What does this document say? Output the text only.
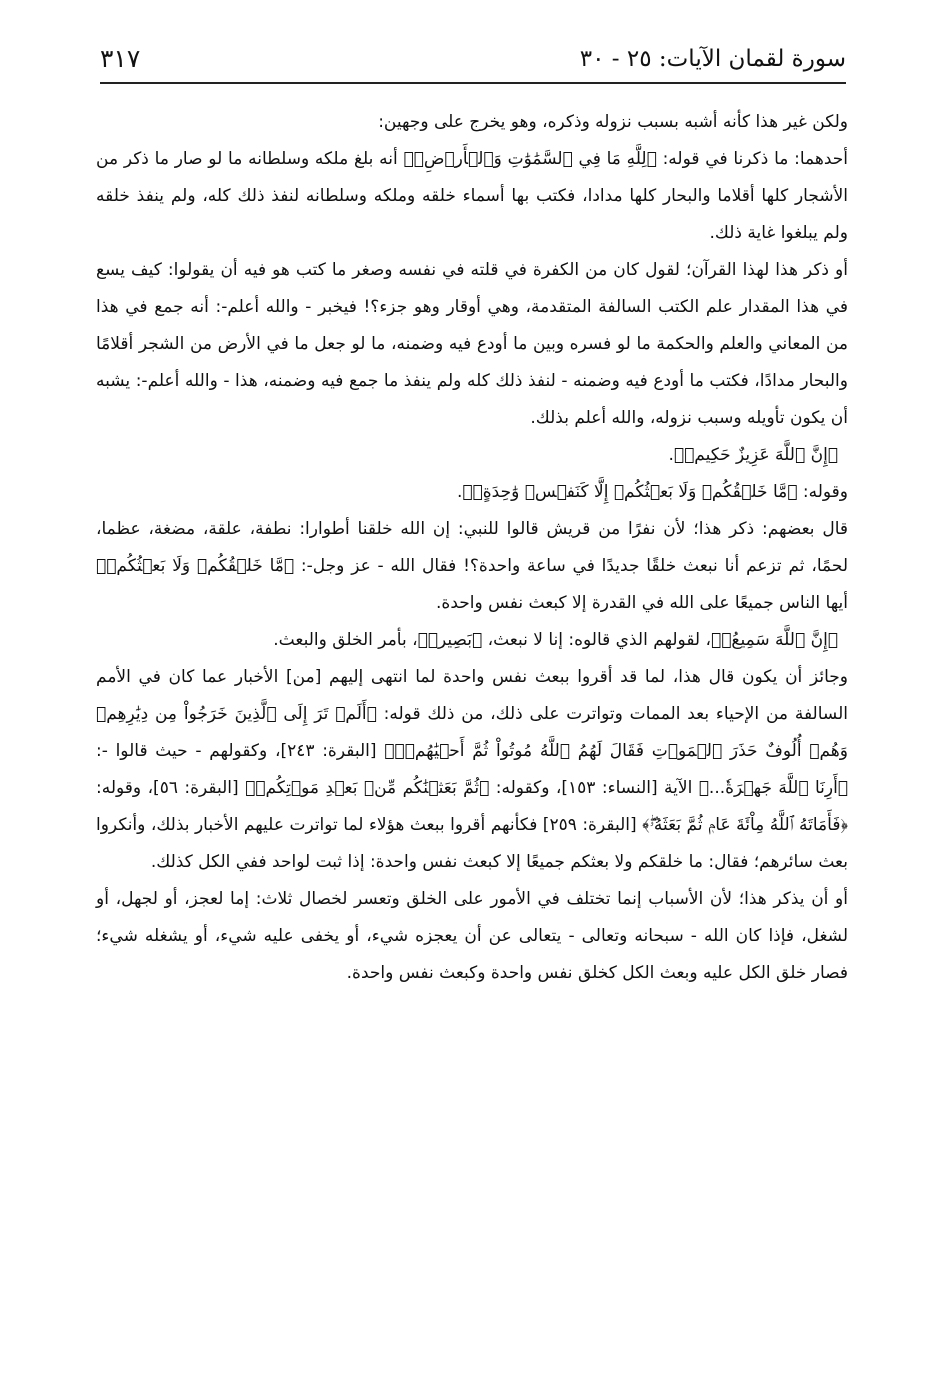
سورة لقمان الآيات: ٢٥ - ٣٠
٣١٧

ولكن غير هذا كأنه أشبه بسبب نزوله وذكره، وهو يخرج على وجهين:

أحدهما: ما ذكرنا في قوله: ﴿لِلَّهِ مَا فِي ٱلسَّمَٰوَٰتِ وَٱلۡأَرۡضِۚ﴾ أنه بلغ ملكه وسلطانه ما لو صار ما ذكر من الأشجار كلها أقلاما والبحار كلها مدادا، فكتب بها أسماء خلقه وملكه وسلطانه لنفذ ذلك كله، ولم ينفذ خلقه ولم يبلغوا غاية ذلك.

أو ذكر هذا لهذا القرآن؛ لقول كان من الكفرة في قلته في نفسه وصغر ما كتب هو فيه أن يقولوا: كيف يسع في هذا المقدار علم الكتب السالفة المتقدمة، وهي أوقار وهو جزء؟! فيخبر - والله أعلم-: أنه جمع في هذا من المعاني والعلم والحكمة ما لو فسره وبين ما أودع فيه وضمنه، ما لو جعل ما في الأرض من الشجر أقلامًا والبحار مدادًا، فكتب ما أودع فيه وضمنه - لنفذ ذلك كله ولم ينفذ ما جمع فيه وضمنه، هذا - والله أعلم-: يشبه أن يكون تأويله وسبب نزوله، والله أعلم بذلك.

﴿إِنَّ ٱللَّهَ عَزِيزٌ حَكِيمٞ﴾.

وقوله: ﴿مَّا خَلۡقُكُمۡ وَلَا بَعۡثُكُمۡ إِلَّا كَنَفۡسٖ وَٰحِدَةٍۗ﴾.

قال بعضهم: ذكر هذا؛ لأن نفرًا من قريش قالوا للنبي: إن الله خلقنا أطوارا: نطفة، علقة، مضغة، عظما، لحمًا، ثم تزعم أنا نبعث خلقًا جديدًا في ساعة واحدة؟! فقال الله - عز وجل-: ﴿مَّا خَلۡقُكُمۡ وَلَا بَعۡثُكُمۡ﴾ أيها الناس جميعًا على الله في القدرة إلا كبعث نفس واحدة.

﴿إِنَّ ٱللَّهَ سَمِيعُۢ﴾، لقولهم الذي قالوه: إنا لا نبعث، ﴿بَصِيرٞ﴾، بأمر الخلق والبعث.

وجائز أن يكون قال هذا، لما قد أقروا ببعث نفس واحدة لما انتهى إليهم [من] الأخبار عما كان في الأمم السالفة من الإحياء بعد الممات وتواترت على ذلك، من ذلك قوله: ﴿أَلَمۡ تَرَ إِلَى ٱلَّذِينَ خَرَجُواْ مِن دِيَٰرِهِمۡ وَهُمۡ أُلُوفٌ حَذَرَ ٱلۡمَوۡتِ فَقَالَ لَهُمُ ٱللَّهُ مُوتُواْ ثُمَّ أَحۡيَٰهُمۡۚ﴾ [البقرة: ٢٤٣]، وكقولهم - حيث قالوا -: ﴿أَرِنَا ٱللَّهَ جَهۡرَةٗ...﴾ الآية [النساء: ١٥٣]، وكقوله: ﴿ثُمَّ بَعَثۡنَٰكُم مِّنۢ بَعۡدِ مَوۡتِكُمۡ﴾ [البقرة: ٥٦]، وقوله: ﴿فَأَمَاتَهُ ٱللَّهُ مِاْئَةَ عَامٖ ثُمَّ بَعَثَهُۥۖ﴾ [البقرة: ٢٥٩] فكأنهم أقروا ببعث هؤلاء لما تواترت عليهم الأخبار بذلك، وأنكروا بعث سائرهم؛ فقال: ما خلقكم ولا بعثكم جميعًا إلا كبعث نفس واحدة: إذا ثبت لواحد ففي الكل كذلك.

أو أن يذكر هذا؛ لأن الأسباب إنما تختلف في الأمور على الخلق وتعسر لخصال ثلاث: إما لعجز، أو لجهل، أو لشغل، فإذا كان الله - سبحانه وتعالى - يتعالى عن أن يعجزه شيء، أو يخفى عليه شيء، أو يشغله شيء؛ فصار خلق الكل عليه وبعث الكل كخلق نفس واحدة وكبعث نفس واحدة.
